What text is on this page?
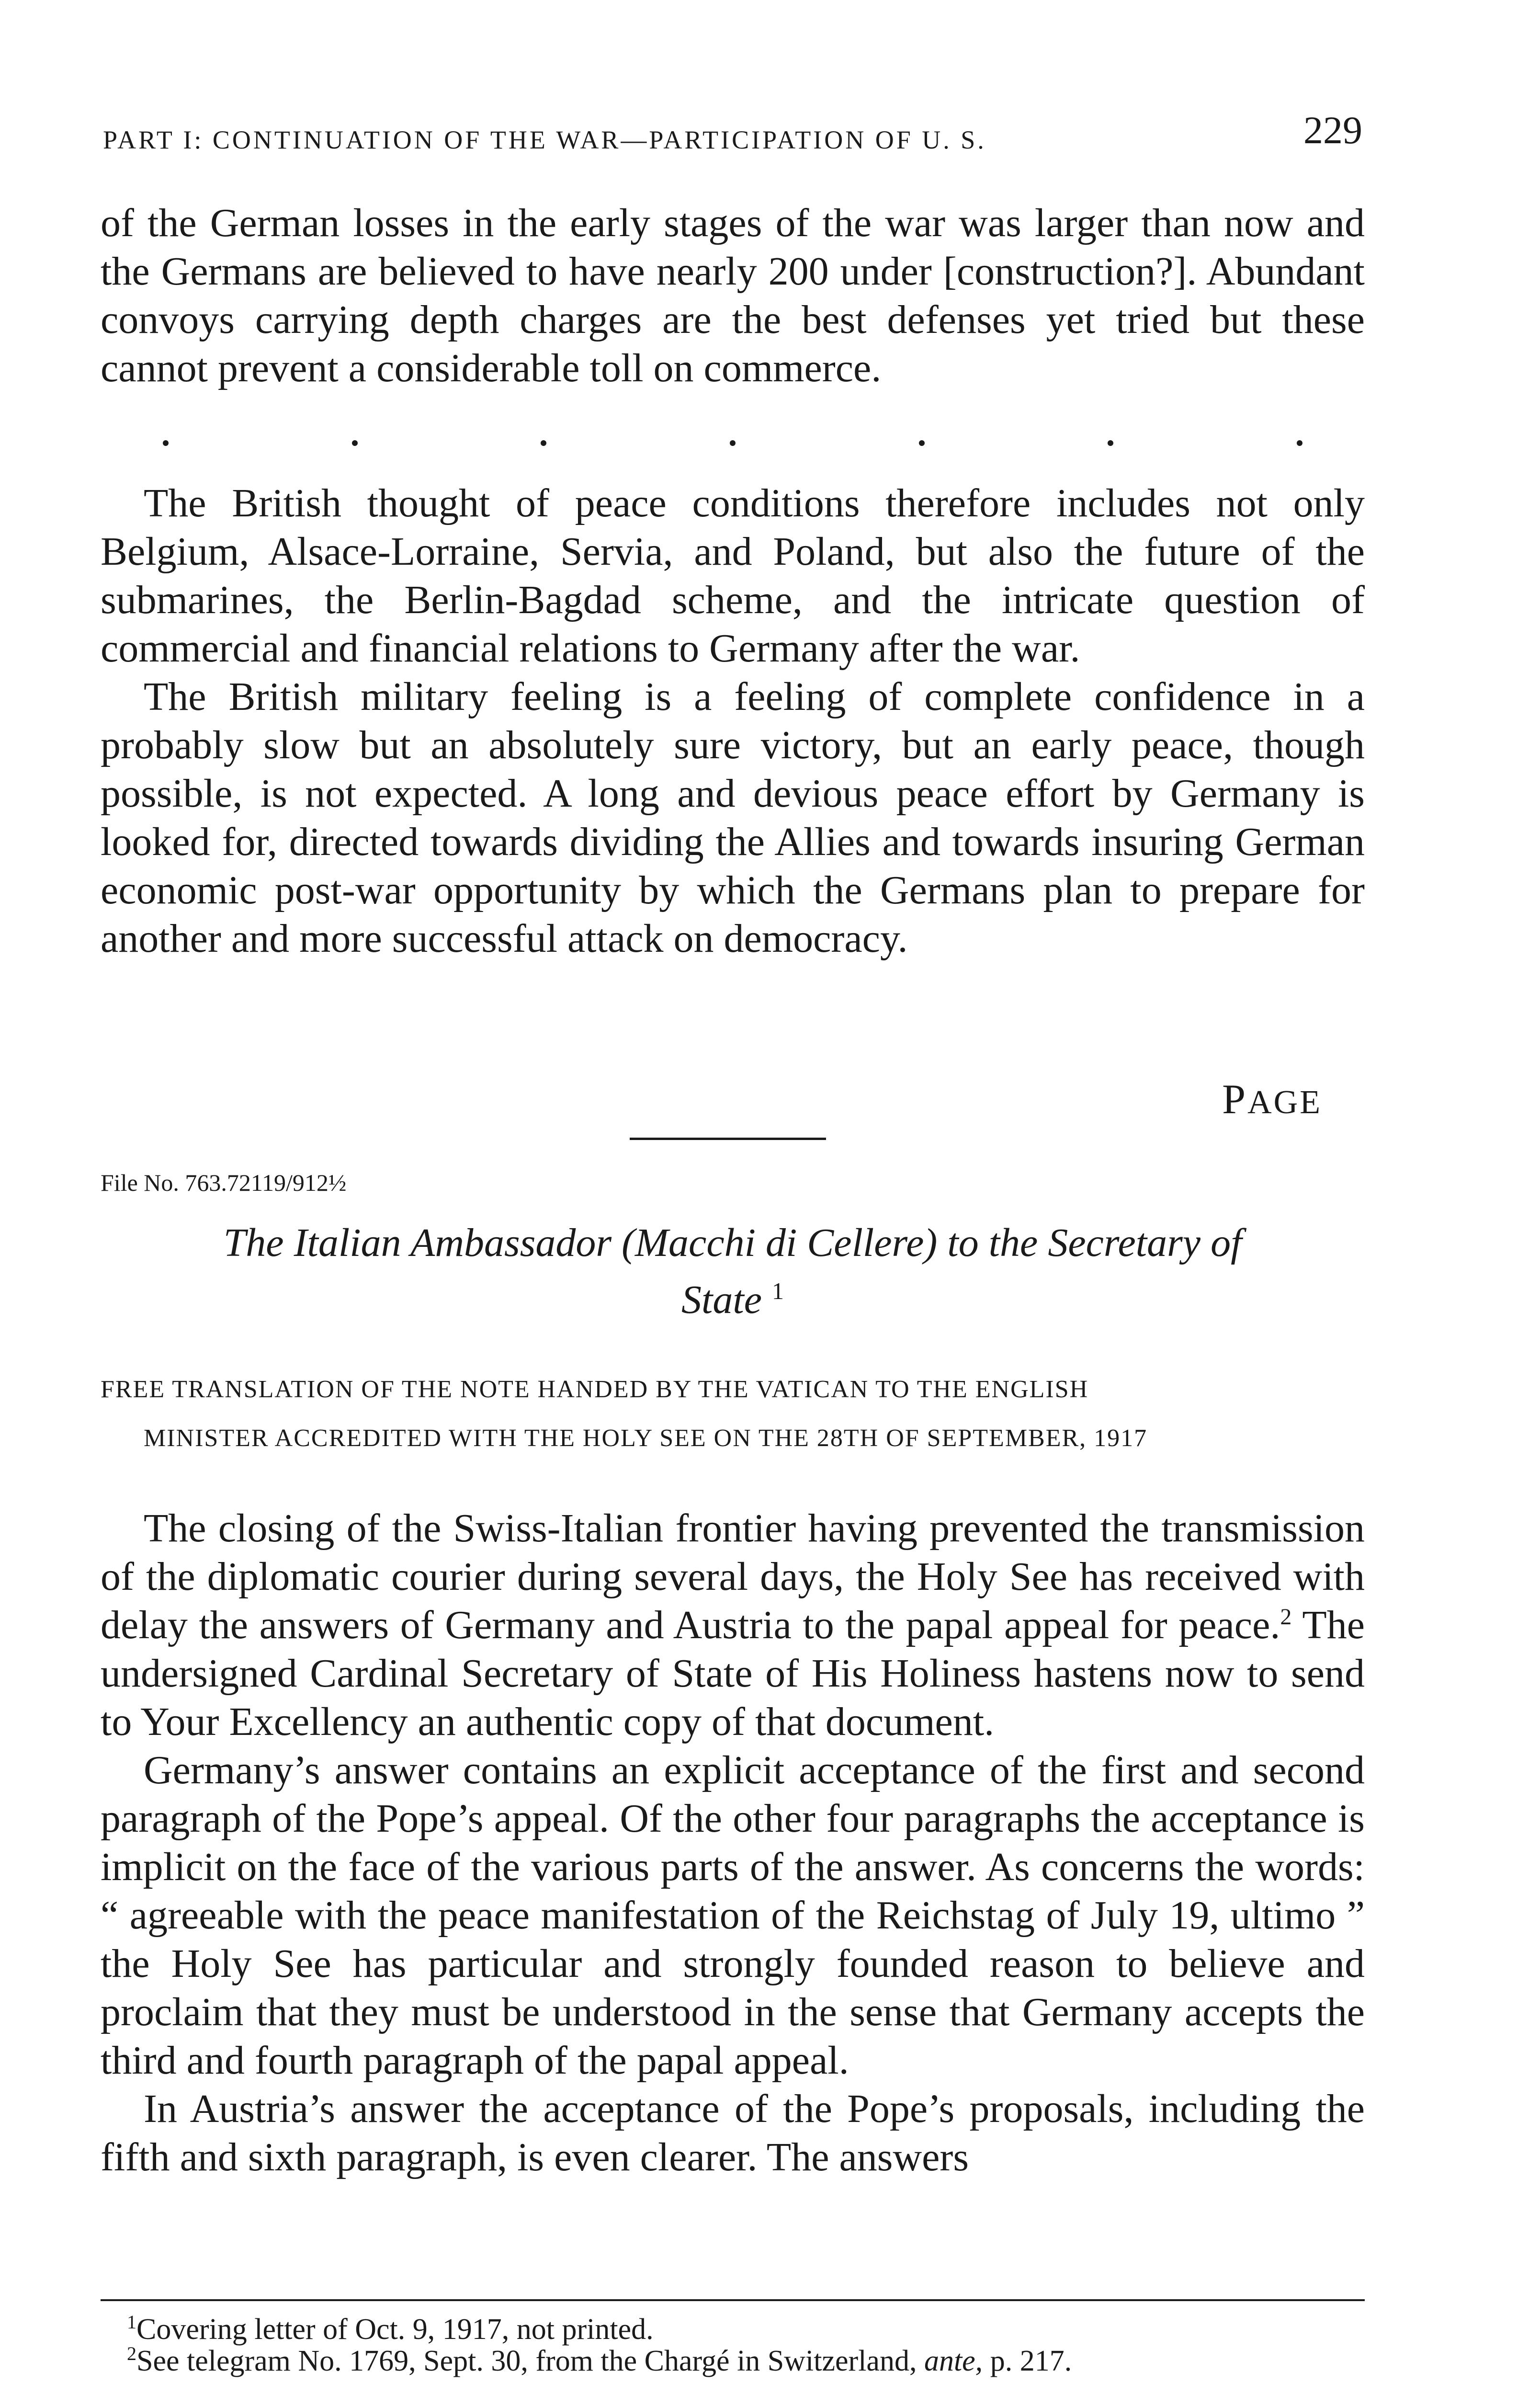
PART I: CONTINUATION OF THE WAR—PARTICIPATION OF U. S.	229

of the German losses in the early stages of the war was larger than now and the Germans are believed to have nearly 200 under [construction?]. Abundant convoys carrying depth charges are the best defenses yet tried but these cannot prevent a considerable toll on commerce.

The British thought of peace conditions therefore includes not only Belgium, Alsace-Lorraine, Servia, and Poland, but also the future of the submarines, the Berlin-Bagdad scheme, and the intricate question of commercial and financial relations to Germany after the war.

The British military feeling is a feeling of complete confidence in a probably slow but an absolutely sure victory, but an early peace, though possible, is not expected. A long and devious peace effort by Germany is looked for, directed towards dividing the Allies and towards insuring German economic post-war opportunity by which the Germans plan to prepare for another and more successful attack on democracy.

PAGE
File No. 763.72119/912½
The Italian Ambassador (Macchi di Cellere) to the Secretary of
State $^1$
FREE TRANSLATION OF THE NOTE HANDED BY THE VATICAN TO THE ENGLISH
MINISTER ACCREDITED WITH THE HOLY SEE ON THE 28TH OF SEPTEMBER, 1917

The closing of the Swiss-Italian frontier having prevented the transmission of the diplomatic courier during several days, the Holy See has received with delay the answers of Germany and Austria to the papal appeal for peace.$^2$ The undersigned Cardinal Secretary of State of His Holiness hastens now to send to Your Excellency an authentic copy of that document.

Germany’s answer contains an explicit acceptance of the first and second paragraph of the Pope’s appeal. Of the other four paragraphs the acceptance is implicit on the face of the various parts of the answer. As concerns the words: “ agreeable with the peace manifestation of the Reichstag of July 19, ultimo ” the Holy See has particular and strongly founded reason to believe and proclaim that they must be understood in the sense that Germany accepts the third and fourth paragraph of the papal appeal.

In Austria’s answer the acceptance of the Pope’s proposals, including the fifth and sixth paragraph, is even clearer. The answers

$^1$Covering letter of Oct. 9, 1917, not printed.

$^2$See telegram No. 1769, Sept. 30, from the Chargé in Switzerland, ante, p. 217.
